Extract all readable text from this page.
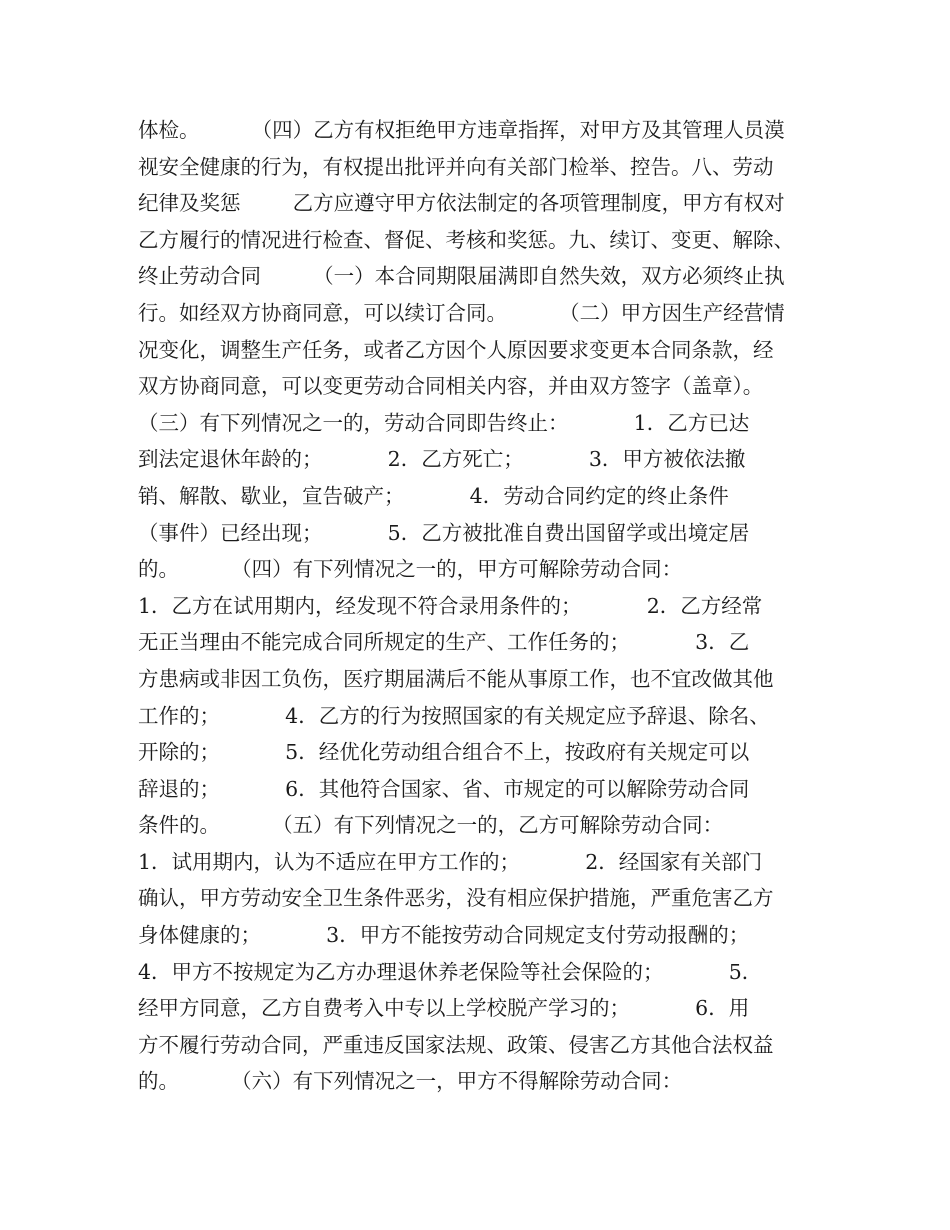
体检。        （四）乙方有权拒绝甲方违章指挥，对甲方及其管理人员漠
视安全健康的行为，有权提出批评并向有关部门检举、控告。八、劳动
纪律及奖惩        乙方应遵守甲方依法制定的各项管理制度，甲方有权对
乙方履行的情况进行检查、督促、考核和奖惩。九、续订、变更、解除、
终止劳动合同        （一）本合同期限届满即自然失效，双方必须终止执
行。如经双方协商同意，可以续订合同。        （二）甲方因生产经营情
况变化，调整生产任务，或者乙方因个人原因要求变更本合同条款，经
双方协商同意，可以变更劳动合同相关内容，并由双方签字（盖章）。
（三）有下列情况之一的，劳动合同即告终止：          1．乙方已达
到法定退休年龄的；          2．乙方死亡；          3．甲方被依法撤
销、解散、歇业，宣告破产；          4．劳动合同约定的终止条件
（事件）已经出现；          5．乙方被批准自费出国留学或出境定居
的。        （四）有下列情况之一的，甲方可解除劳动合同：
1．乙方在试用期内，经发现不符合录用条件的；          2．乙方经常
无正当理由不能完成合同所规定的生产、工作任务的；          3．乙
方患病或非因工负伤，医疗期届满后不能从事原工作，也不宜改做其他
工作的；          4．乙方的行为按照国家的有关规定应予辞退、除名、
开除的；          5．经优化劳动组合组合不上，按政府有关规定可以
辞退的；          6．其他符合国家、省、市规定的可以解除劳动合同
条件的。        （五）有下列情况之一的，乙方可解除劳动合同：
1．试用期内，认为不适应在甲方工作的；          2．经国家有关部门
确认，甲方劳动安全卫生条件恶劣，没有相应保护措施，严重危害乙方
身体健康的；          3．甲方不能按劳动合同规定支付劳动报酬的；
4．甲方不按规定为乙方办理退休养老保险等社会保险的；          5．
经甲方同意，乙方自费考入中专以上学校脱产学习的；          6．用
方不履行劳动合同，严重违反国家法规、政策、侵害乙方其他合法权益
的。        （六）有下列情况之一，甲方不得解除劳动合同：
